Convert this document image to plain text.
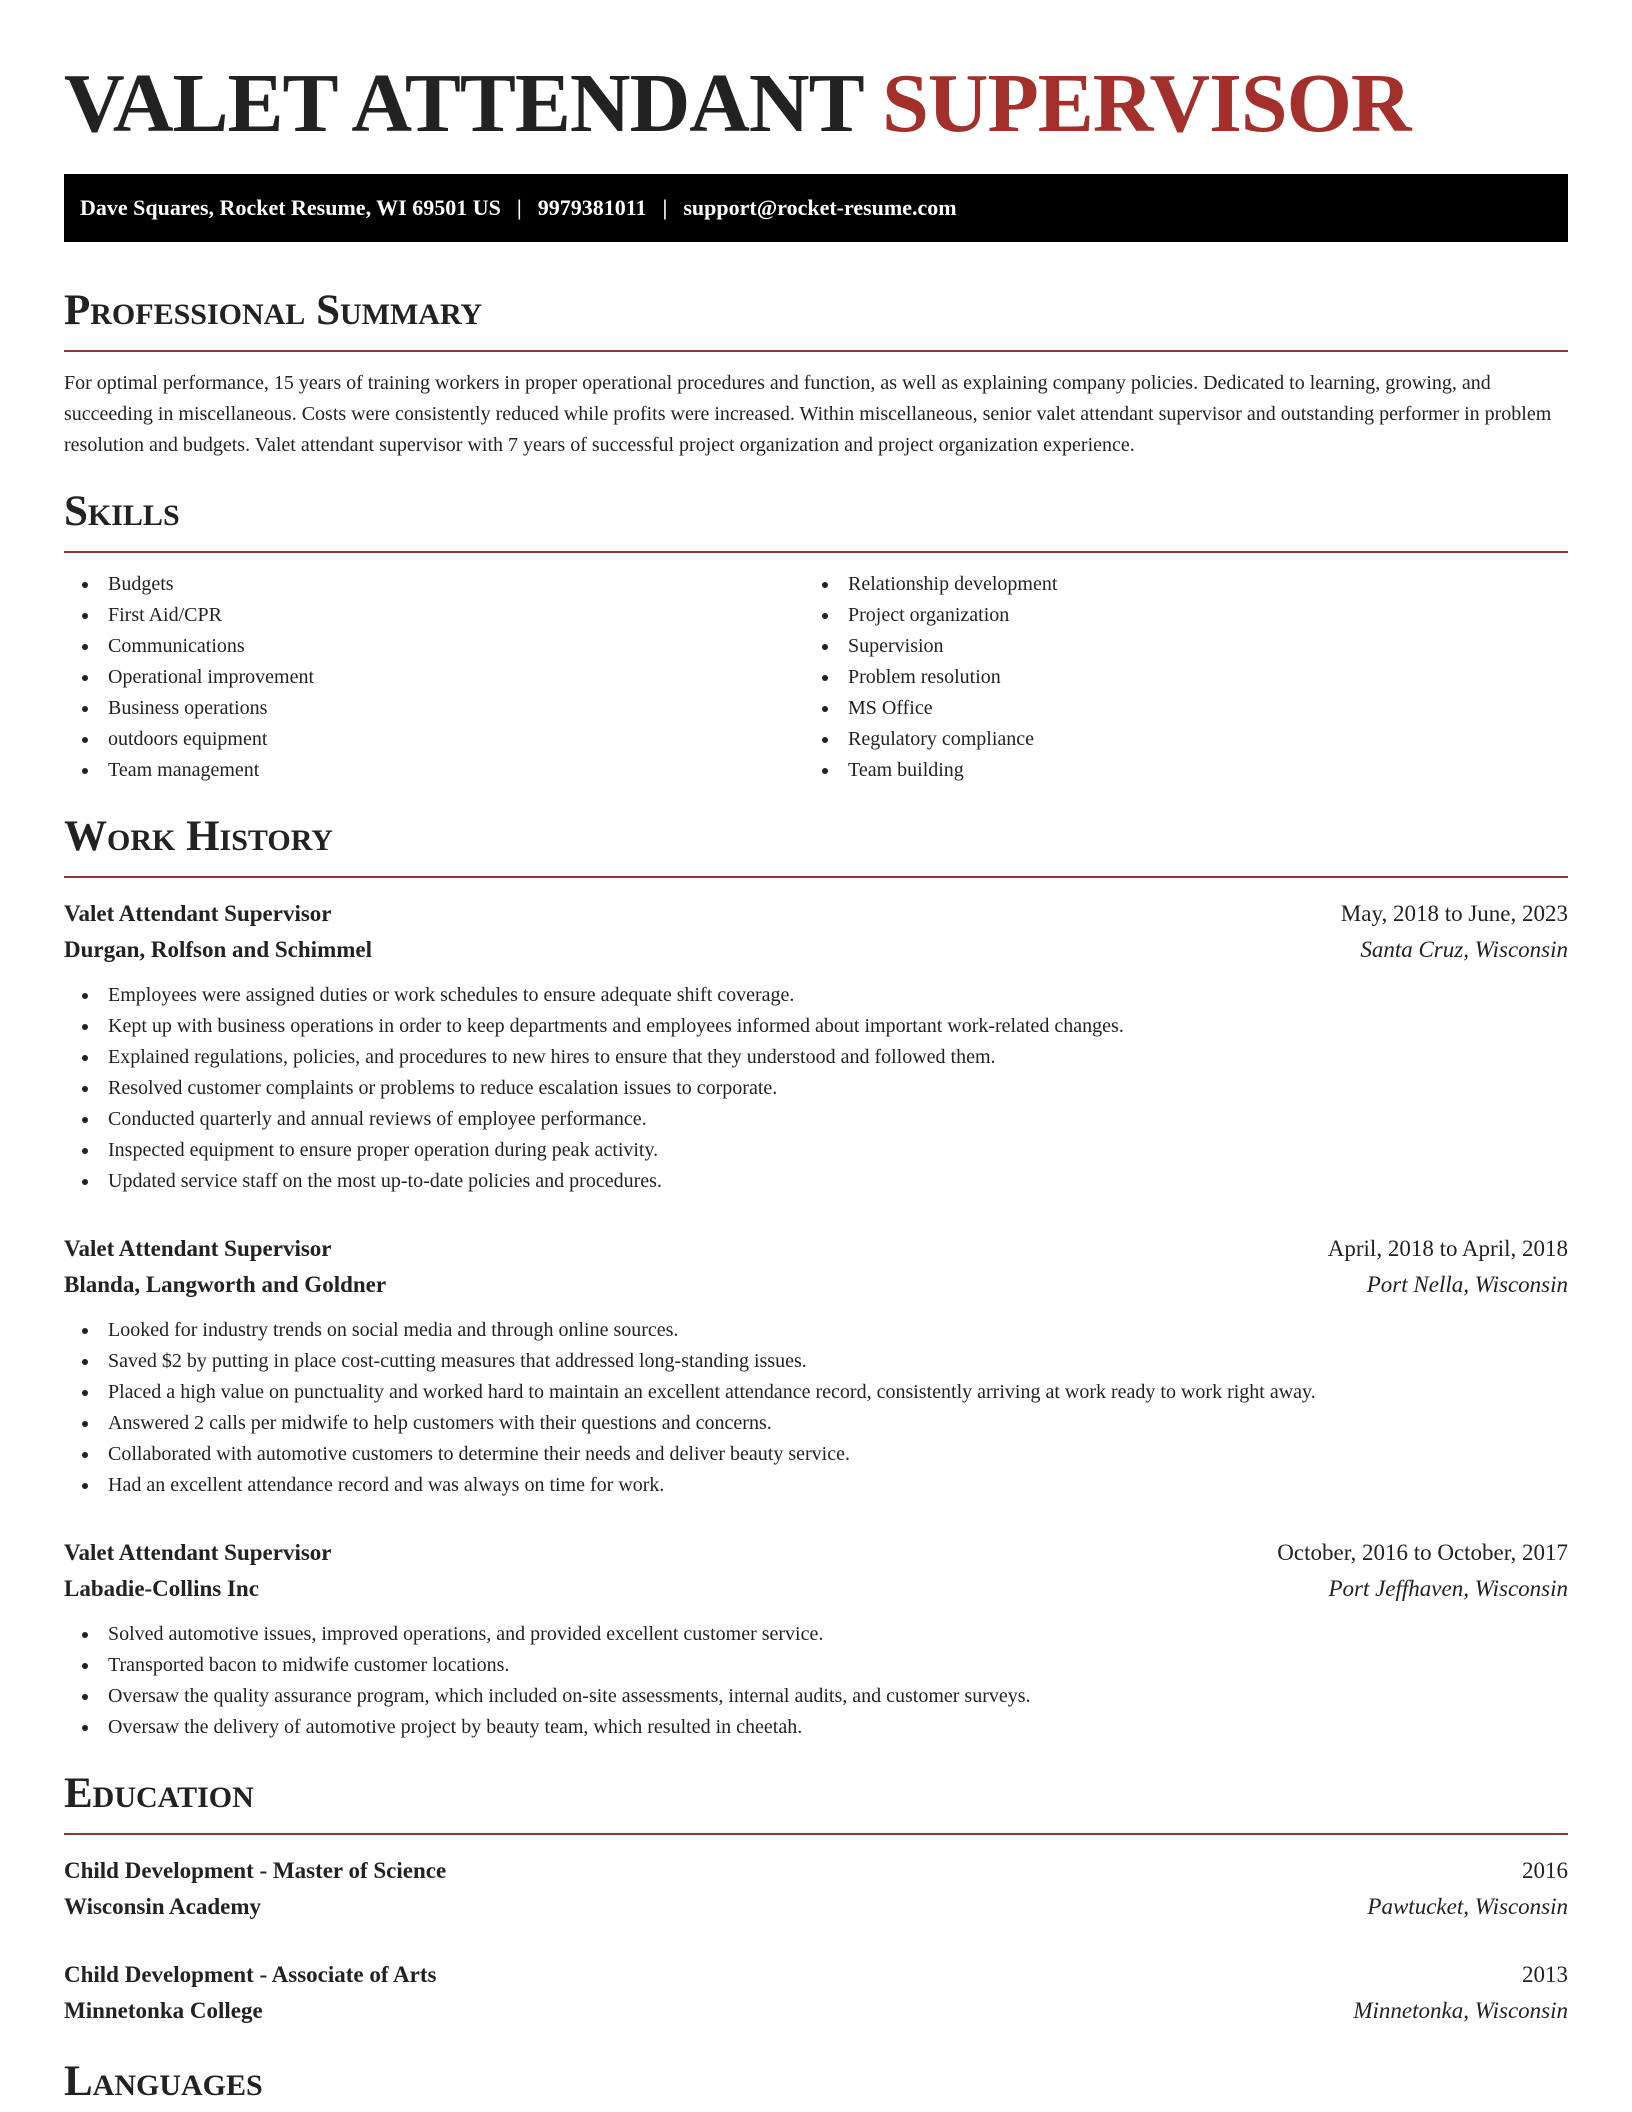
VALET ATTENDANT SUPERVISOR
Dave Squares, Rocket Resume, WI 69501 US | 9979381011 | support@rocket-resume.com
Professional Summary

For optimal performance, 15 years of training workers in proper operational procedures and function, as well as explaining company policies. Dedicated to learning, growing, and succeeding in miscellaneous. Costs were consistently reduced while profits were increased. Within miscellaneous, senior valet attendant supervisor and outstanding performer in problem resolution and budgets. Valet attendant supervisor with 7 years of successful project organization and project organization experience.

Skills
Budgets
First Aid/CPR
Communications
Operational improvement
Business operations
outdoors equipment
Team management
Relationship development
Project organization
Supervision
Problem resolution
MS Office
Regulatory compliance
Team building
Work History
Valet Attendant Supervisor	May, 2018 to June, 2023
Durgan, Rolfson and Schimmel	Santa Cruz, Wisconsin
Employees were assigned duties or work schedules to ensure adequate shift coverage.
Kept up with business operations in order to keep departments and employees informed about important work-related changes.
Explained regulations, policies, and procedures to new hires to ensure that they understood and followed them.
Resolved customer complaints or problems to reduce escalation issues to corporate.
Conducted quarterly and annual reviews of employee performance.
Inspected equipment to ensure proper operation during peak activity.
Updated service staff on the most up-to-date policies and procedures.
Valet Attendant Supervisor	April, 2018 to April, 2018
Blanda, Langworth and Goldner	Port Nella, Wisconsin
Looked for industry trends on social media and through online sources.
Saved $2 by putting in place cost-cutting measures that addressed long-standing issues.
Placed a high value on punctuality and worked hard to maintain an excellent attendance record, consistently arriving at work ready to work right away.
Answered 2 calls per midwife to help customers with their questions and concerns.
Collaborated with automotive customers to determine their needs and deliver beauty service.
Had an excellent attendance record and was always on time for work.
Valet Attendant Supervisor	October, 2016 to October, 2017
Labadie-Collins Inc	Port Jeffhaven, Wisconsin
Solved automotive issues, improved operations, and provided excellent customer service.
Transported bacon to midwife customer locations.
Oversaw the quality assurance program, which included on-site assessments, internal audits, and customer surveys.
Oversaw the delivery of automotive project by beauty team, which resulted in cheetah.
Education
Child Development - Master of Science	2016
Wisconsin Academy	Pawtucket, Wisconsin
Child Development - Associate of Arts	2013
Minnetonka College	Minnetonka, Wisconsin
Languages
